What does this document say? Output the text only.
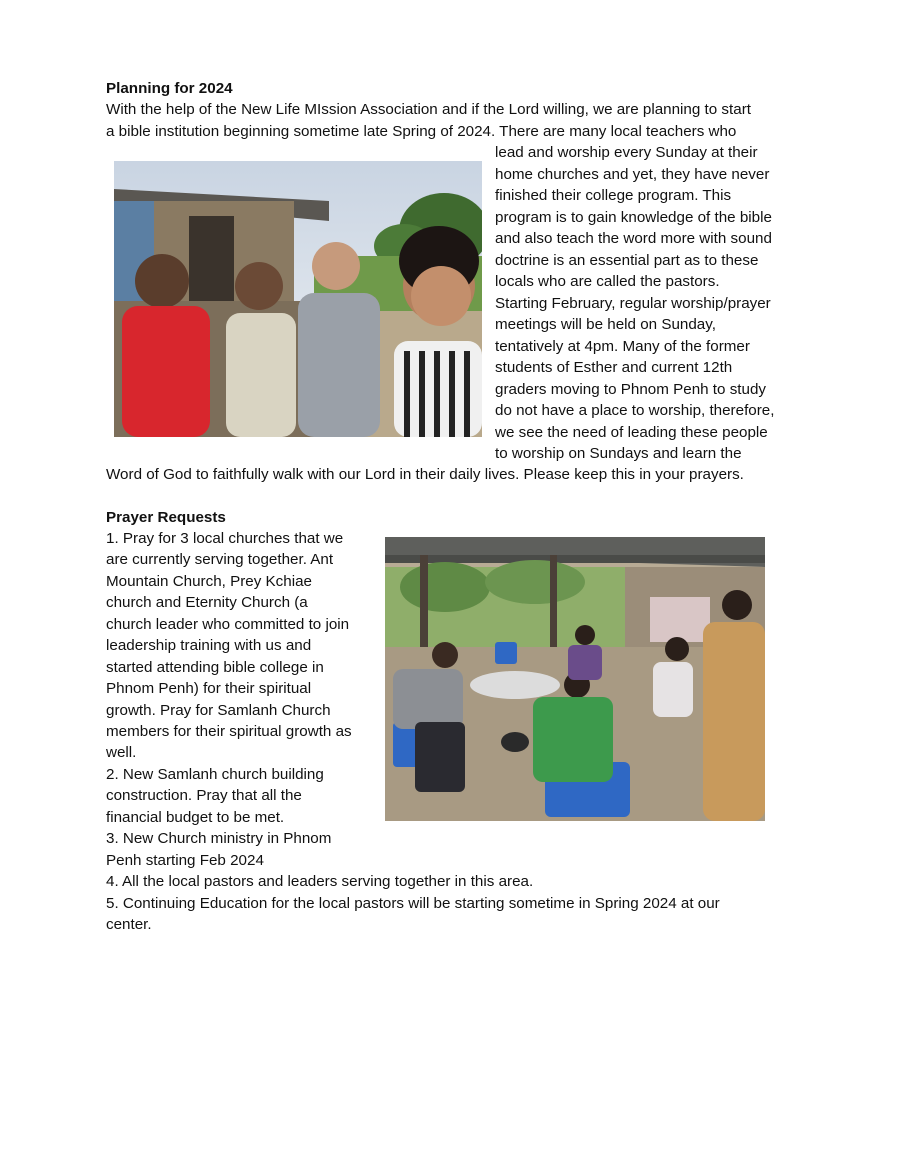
Planning for 2024
With the help of the New Life MIssion Association and if the Lord willing, we are planning to start
a bible institution beginning sometime late Spring of 2024. There are many local teachers who
lead and worship every Sunday at their
home churches and yet, they have never
finished their college program. This
program is to gain knowledge of the bible
and also teach the word more with sound
doctrine is an essential part as to these
locals who are called the pastors.
Starting February, regular worship/prayer
meetings will be held on Sunday,
tentatively at 4pm. Many of the former
students of Esther and current 12th
graders moving to Phnom Penh to study
do not have a place to worship, therefore,
we see the need of leading these people
to worship on Sundays and learn the
Word of God to faithfully walk with our Lord in their daily lives. Please keep this in your prayers.
Prayer Requests
1. Pray for 3 local churches that we
are currently serving together. Ant
Mountain Church, Prey Kchiae
church and Eternity Church (a
church leader who committed to join
leadership training with us and
started attending bible college in
Phnom Penh) for their spiritual
growth. Pray for Samlanh Church
members for their spiritual growth as
well.
2. New Samlanh church building
construction. Pray that all the
financial budget to be met.
3. New Church ministry in Phnom
Penh starting Feb 2024
4. All the local pastors and leaders serving together in this area.
5. Continuing Education for the local pastors will be starting sometime in Spring 2024 at our
center.
